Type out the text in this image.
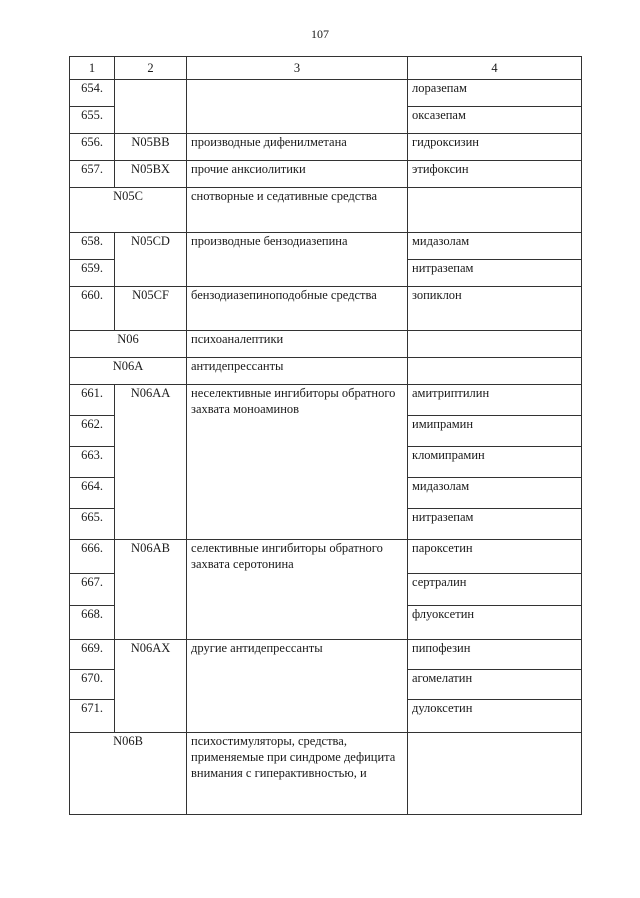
107
1	2	3	4
654.			лоразепам
655.			оксазепам
656.	N05BB	производные дифенилметана	гидроксизин
657.	N05BX	прочие анксиолитики	этифоксин
N05C		снотворные и седативные средства	
658.	N05CD	производные бензодиазепина	мидазолам
659.			нитразепам
660.	N05CF	бензодиазепиноподобные средства	зопиклон
N06		психоаналептики	
N06A		антидепрессанты	
661.	N06AA	неселективные ингибиторы обратного захвата моноаминов	амитриптилин
662.			имипрамин
663.			кломипрамин
664.			мидазолам
665.			нитразепам
666.	N06AB	селективные ингибиторы обратного захвата серотонина	пароксетин
667.			сертралин
668.			флуоксетин
669.	N06AX	другие антидепрессанты	пипофезин
670.			агомелатин
671.			дулоксетин
N06B		психостимуляторы, средства, применяемые при синдроме дефицита внимания с гиперактивностью, и	
